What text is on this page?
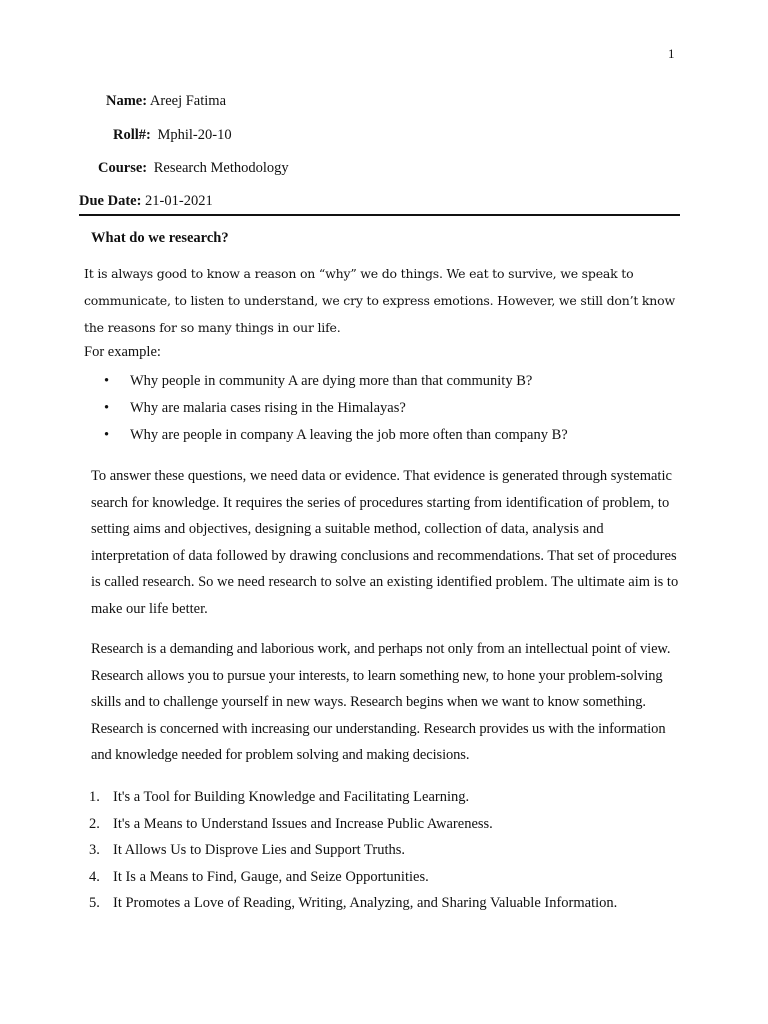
1
Name: Areej Fatima
Roll#: Mphil-20-10
Course: Research Methodology
Due Date: 21-01-2021
What do we research?

It is always good to know a reason on “why” we do things. We eat to survive, we speak to communicate, to listen to understand, we cry to express emotions. However, we still don’t know the reasons for so many things in our life.

For example:
• Why people in community A are dying more than that community B?
• Why are malaria cases rising in the Himalayas?
• Why are people in company A leaving the job more often than company B?

To answer these questions, we need data or evidence. That evidence is generated through systematic search for knowledge. It requires the series of procedures starting from identification of problem, to setting aims and objectives, designing a suitable method, collection of data, analysis and interpretation of data followed by drawing conclusions and recommendations. That set of procedures is called research. So we need research to solve an existing identified problem. The ultimate aim is to make our life better.

Research is a demanding and laborious work, and perhaps not only from an intellectual point of view. Research allows you to pursue your interests, to learn something new, to hone your problem-solving skills and to challenge yourself in new ways. Research begins when we want to know something. Research is concerned with increasing our understanding. Research provides us with the information and knowledge needed for problem solving and making decisions.

1. It's a Tool for Building Knowledge and Facilitating Learning.
2. It's a Means to Understand Issues and Increase Public Awareness.
3. It Allows Us to Disprove Lies and Support Truths.
4. It Is a Means to Find, Gauge, and Seize Opportunities.
5. It Promotes a Love of Reading, Writing, Analyzing, and Sharing Valuable Information.
